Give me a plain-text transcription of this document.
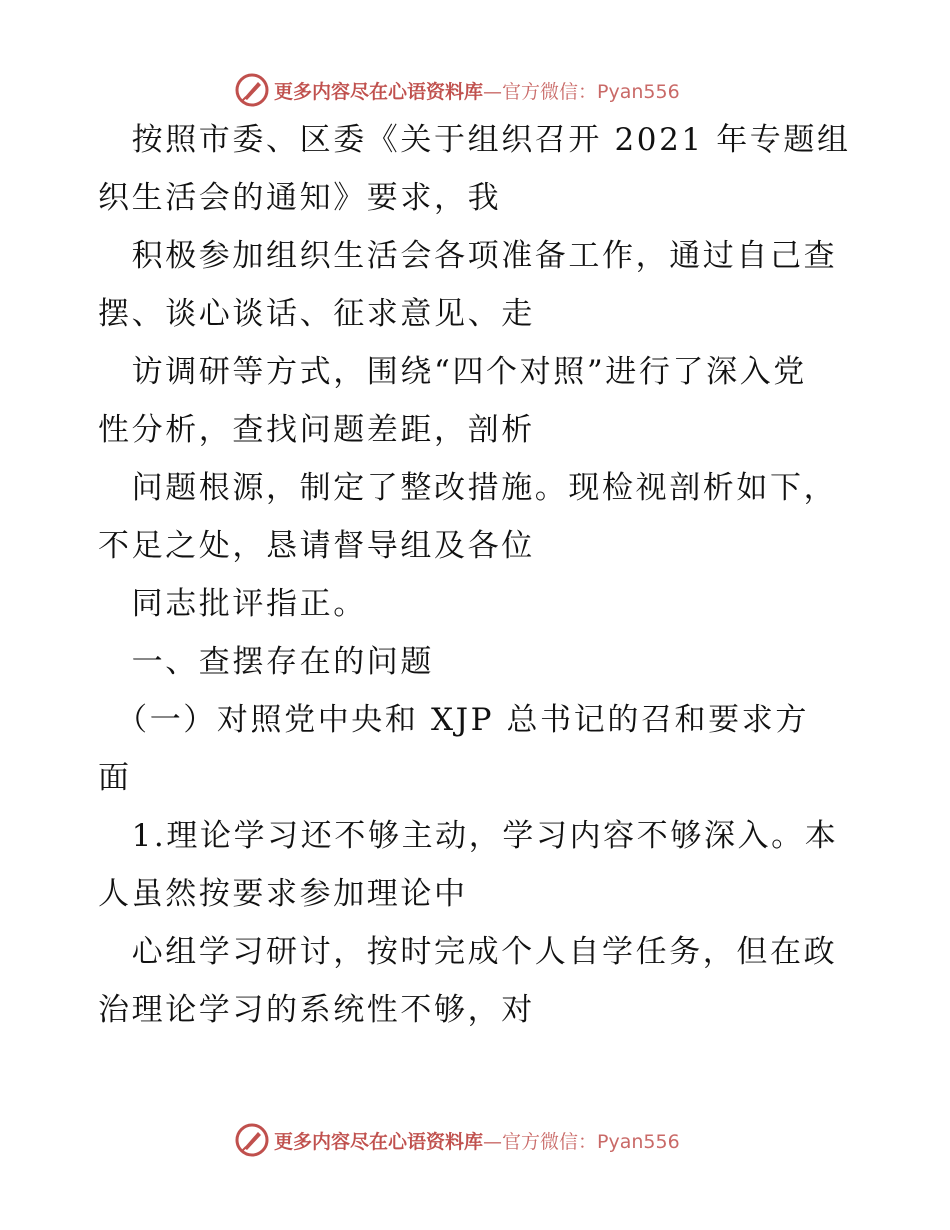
更多内容尽在心语资料库—官方微信：Pyan556
　按照市委、区委《关于组织召开 2021 年专题组
织生活会的通知》要求，我
　积极参加组织生活会各项准备工作，通过自己查
摆、谈心谈话、征求意见、走
　访调研等方式，围绕“四个对照”进行了深入党
性分析，查找问题差距，剖析
　问题根源，制定了整改措施。现检视剖析如下，
不足之处，恳请督导组及各位
　同志批评指正。
　一、查摆存在的问题
　（一）对照党中央和 XJP 总书记的召和要求方
面
　1.理论学习还不够主动，学习内容不够深入。本
人虽然按要求参加理论中
　心组学习研讨，按时完成个人自学任务，但在政
治理论学习的系统性不够，对
更多内容尽在心语资料库—官方微信：Pyan556
